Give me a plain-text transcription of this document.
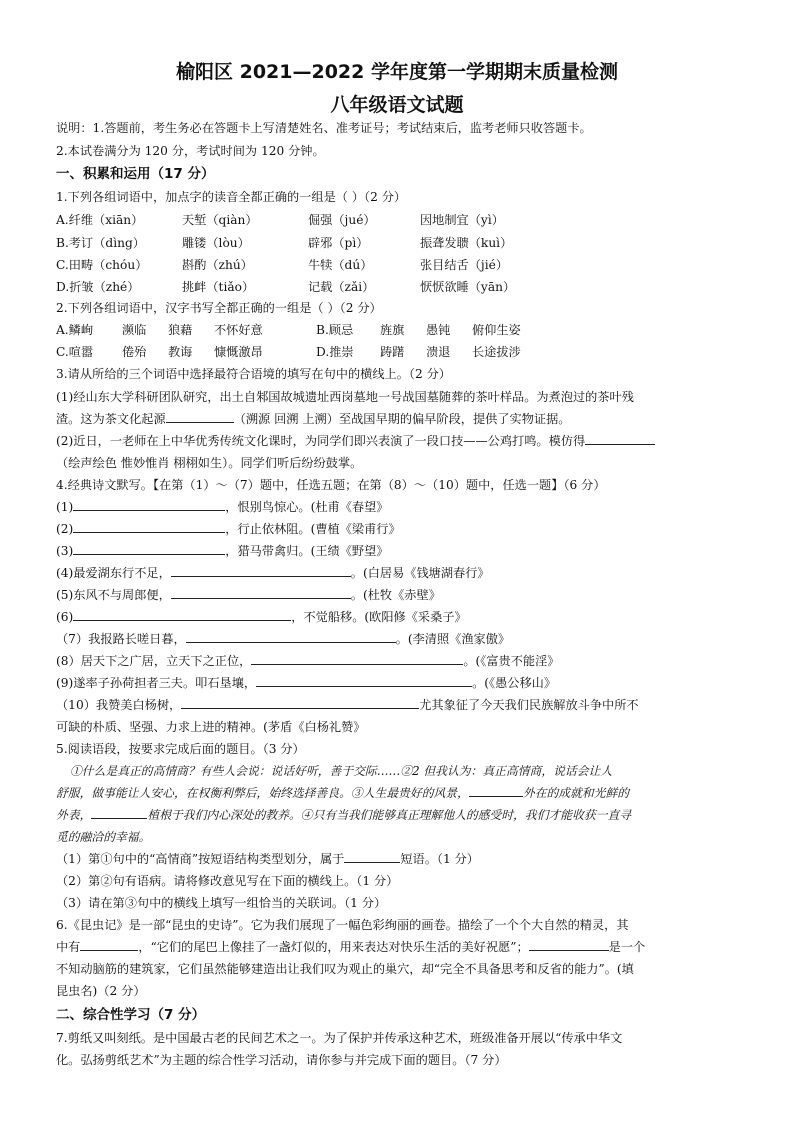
榆阳区 2021—2022 学年度第一学期期末质量检测
八年级语文试题
说明：1.答题前，考生务必在答题卡上写清楚姓名、准考证号；考试结束后，监考老师只收答题卡。
2.本试卷满分为 120 分，考试时间为 120 分钟。
一、积累和运用（17 分）
1.下列各组词语中，加点字的读音全都正确的一组是（ ）（2 分）
A.纤维（xiān）	天堑（qiàn）	倔强（jué）	因地制宜（yì）
B.考订（dìng）	雕镂（lòu）	辟邪（pì）	振聋发聩（kuì）
C.田畴（chóu）	斟酌（zhú）	牛犊（dú）	张目结舌（jié）
D.折皱（zhé）	挑衅（tiǎo）	记载（zǎi）	恹恹欲睡（yān）
2.下列各组词语中，汉字书写全都正确的一组是（ ）（2 分）
A.鳞峋 濒临 狼藉 不怀好意	B.顾忌 旌旗 愚钝 俯仰生姿
C.喧嚣 倦殆 教诲 慷慨激昂	D.推崇 踌躇 溃退 长途拔涉
3.请从所给的三个词语中选择最符合语境的填写在句中的横线上。（2 分）
(1)经山东大学科研团队研究，出土自邾国故城遗址西岗墓地一号战国墓随葬的茶叶样品。为煮泡过的茶叶残
渣。这为茶文化起源	（溯源 回溯 上溯）至战国早期的偏早阶段，提供了实物证据。
(2)近日，一老师在上中华优秀传统文化课时，为同学们即兴表演了一段口技——公鸡打鸣。模仿得
（绘声绘色 惟妙惟肖 栩栩如生）。同学们听后纷纷鼓掌。
4.经典诗文默写。【在第（1）～（7）题中，任选五题；在第（8）～（10）题中，任选一题】（6 分）
(1)	，恨别鸟惊心。(杜甫《春望》
(2)	，行止依林阻。(曹植《梁甫行》
(3)	，猎马带禽归。(王绩《野望》
(4)最爱湖东行不足，	。(白居易《钱塘湖春行》
(5)东风不与周郎便，	。(杜牧《赤壁》
(6)	，不觉船移。(欧阳修《采桑子》
（7）我报路长嗟日暮，	。(李清照《渔家傲》
(8）居天下之广居，立天下之正位，	。(《富贵不能淫》
(9)遂率子孙荷担者三夫。叩石垦壤，	。(《愚公移山》
（10）我赞美白杨树，	尤其象征了今天我们民族解放斗争中所不
可缺的朴质、坚强、力求上进的精神。(茅盾《白杨礼赞》
5.阅读语段，按要求完成后面的题目。（3 分）
①什么是真正的高情商？有些人会说：说话好听，善于交际……②2 但我认为：真正高情商，说话会让人
舒服，做事能让人安心，在权衡利弊后，始终选择善良。③人生最贵好的风景，	外在的成就和光鲜的
外表，	植根于我们内心深处的教养。④只有当我们能够真正理解他人的感受时，我们才能收获一直寻
觅的融洽的幸福。
（1）第①句中的“高情商”按短语结构类型划分，属于	短语。（1 分）
（2）第②句有语病。请将修改意见写在下面的横线上。（1 分）
（3）请在第③句中的横线上填写一组恰当的关联词。（1 分）
6.《昆虫记》是一部“昆虫的史诗”。它为我们展现了一幅色彩绚丽的画卷。描绘了一个个大自然的精灵，其
中有	，“它们的尾巴上像挂了一盏灯似的，用来表达对快乐生活的美好祝愿”；	是一个
不知动脑筋的建筑家，它们虽然能够建造出让我们叹为观止的巢穴，却“完全不具备思考和反省的能力”。(填
昆虫名)（2 分）
二、综合性学习（7 分）
7.剪纸又叫刻纸。是中国最古老的民间艺术之一。为了保护并传承这种艺术，班级准备开展以“传承中华文
化。弘扬剪纸艺术”为主题的综合性学习活动，请你参与并完成下面的题目。（7 分）
